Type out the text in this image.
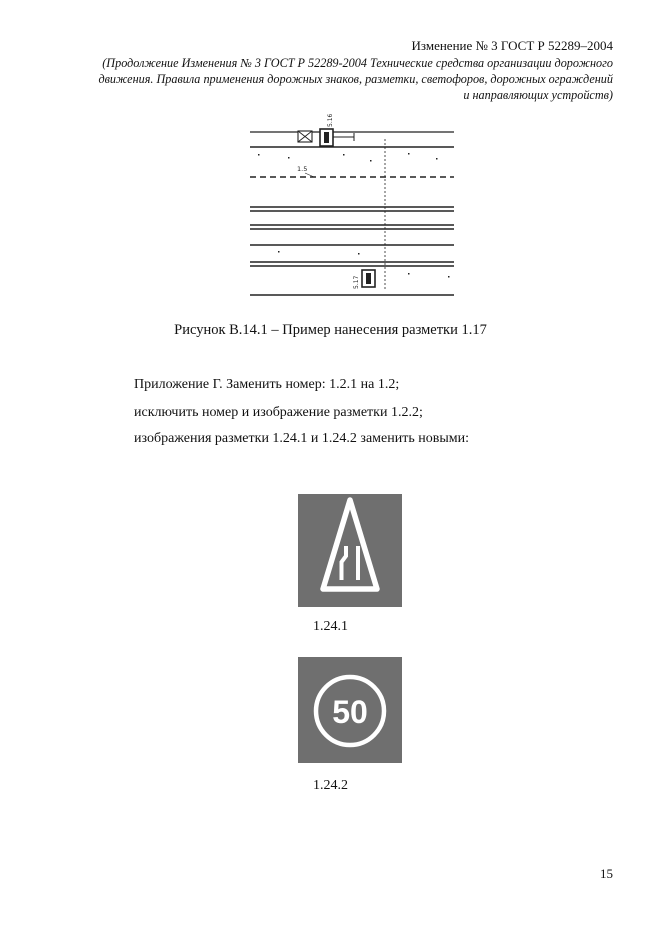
Изменение № 3 ГОСТ Р 52289–2004
(Продолжение Изменения № 3 ГОСТ Р 52289-2004 Технические средства организации дорожного движения. Правила применения дорожных знаков, разметки, светофоров, дорожных ограждений и направляющих устройств)
5.16
1.5
5.17
Рисунок В.14.1 – Пример нанесения разметки 1.17
Приложение Г. Заменить номер: 1.2.1 на 1.2;
исключить номер и изображение разметки 1.2.2;
изображения разметки 1.24.1 и 1.24.2 заменить новыми:
1.24.1
50
1.24.2
15
